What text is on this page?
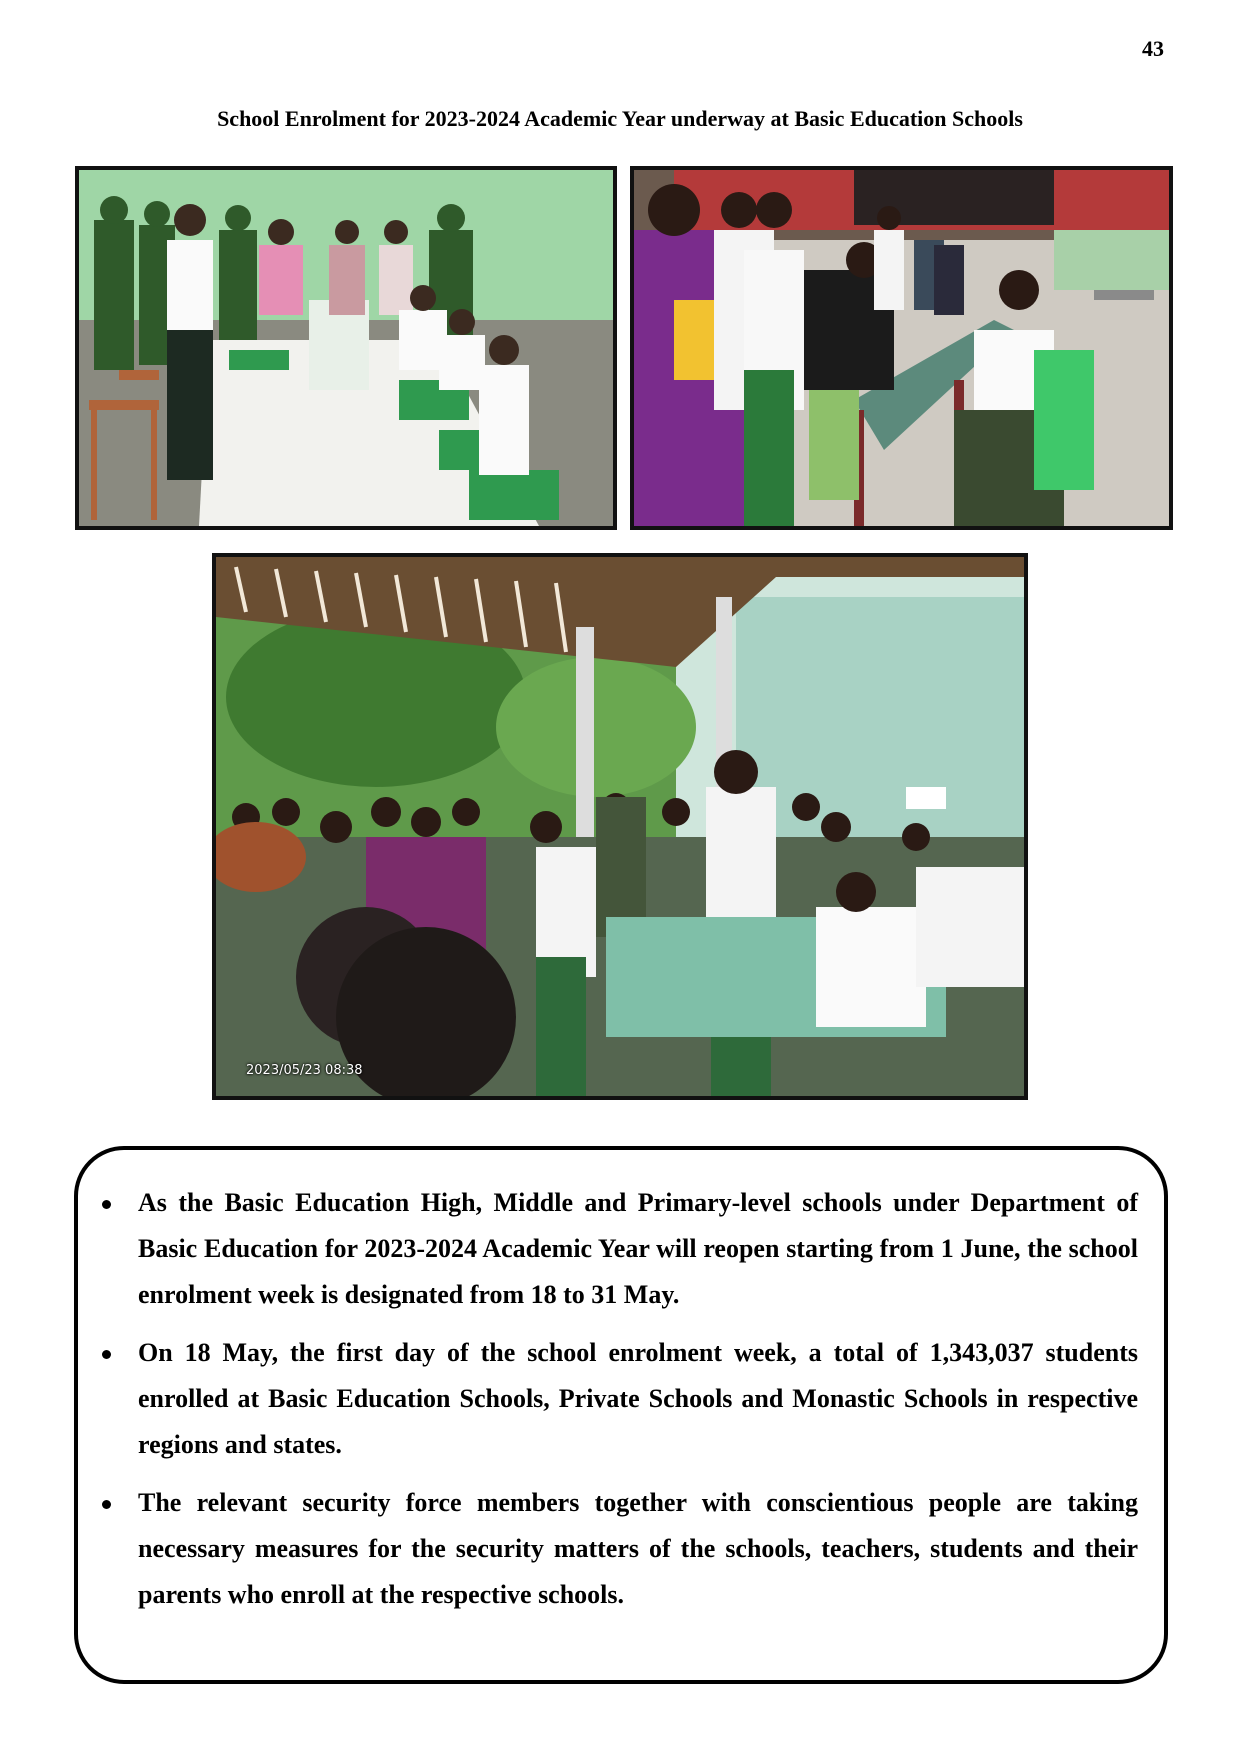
43
School Enrolment for 2023-2024 Academic Year underway at Basic Education Schools
2023/05/23 08:38
As the Basic Education High, Middle and Primary-level schools under Department of Basic Education for 2023-2024 Academic Year will reopen starting from 1 June, the school enrolment week is designated from 18 to 31 May.
On 18 May, the first day of the school enrolment week, a total of 1,343,037 students enrolled at Basic Education Schools, Private Schools and Monastic Schools in respective regions and states.
The relevant security force members together with conscientious people are taking necessary measures for the security matters of the schools, teachers, students and their parents who enroll at the respective schools.
